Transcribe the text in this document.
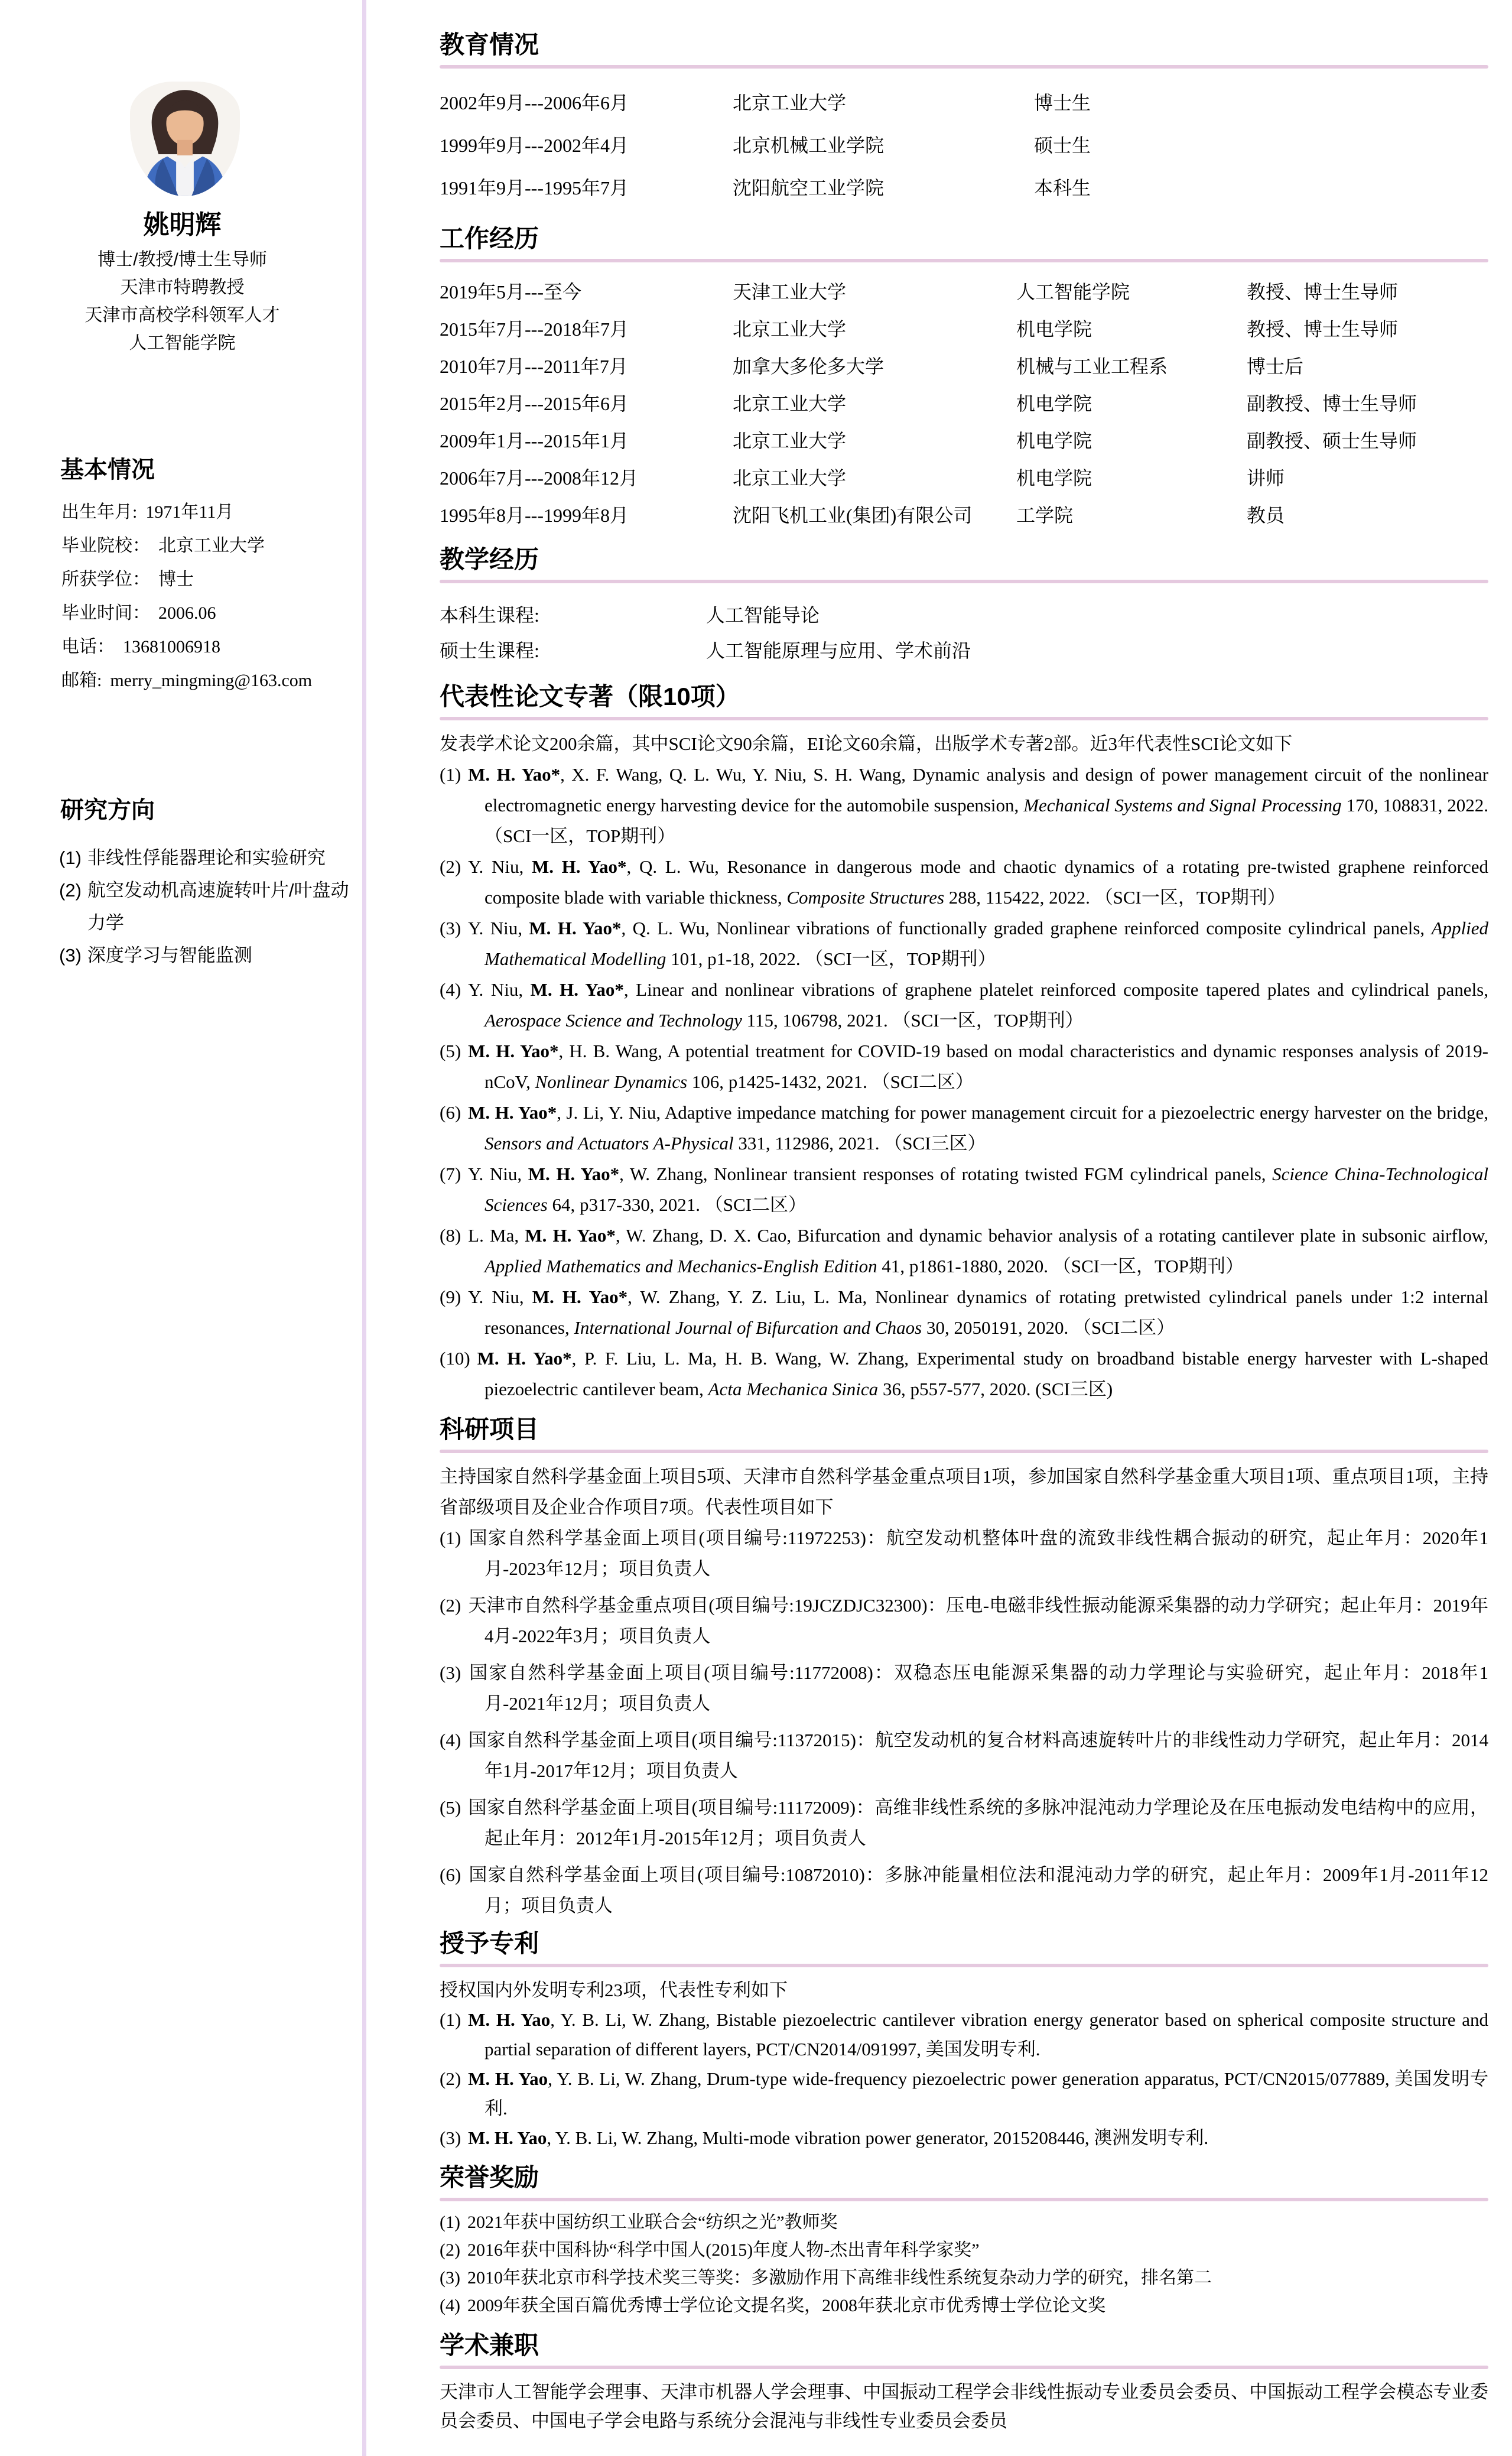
姚明辉
博士/教授/博士生导师
天津市特聘教授
天津市高校学科领军人才
人工智能学院
基本情况
出生年月: 1971年11月
毕业院校： 北京工业大学
所获学位： 博士
毕业时间： 2006.06
电话： 13681006918
邮箱: merry_mingming@163.com
研究方向
(1) 非线性俘能器理论和实验研究
(2) 航空发动机高速旋转叶片/叶盘动力学
(3) 深度学习与智能监测
教育情况
2002年9月---2006年6月	北京工业大学	博士生
1999年9月---2002年4月	北京机械工业学院	硕士生
1991年9月---1995年7月	沈阳航空工业学院	本科生
工作经历
2019年5月---至今	天津工业大学	人工智能学院	教授、博士生导师
2015年7月---2018年7月	北京工业大学	机电学院	教授、博士生导师
2010年7月---2011年7月	加拿大多伦多大学	机械与工业工程系	博士后
2015年2月---2015年6月	北京工业大学	机电学院	副教授、博士生导师
2009年1月---2015年1月	北京工业大学	机电学院	副教授、硕士生导师
2006年7月---2008年12月	北京工业大学	机电学院	讲师
1995年8月---1999年8月	沈阳飞机工业(集团)有限公司	工学院	教员
教学经历
本科生课程:	人工智能导论
硕士生课程:	人工智能原理与应用、学术前沿
代表性论文专著（限10项）
发表学术论文200余篇，其中SCI论文90余篇，EI论文60余篇，出版学术专著2部。近3年代表性SCI论文如下
(1) M. H. Yao*, X. F. Wang, Q. L. Wu, Y. Niu, S. H. Wang, Dynamic analysis and design of power management circuit of the nonlinear electromagnetic energy harvesting device for the automobile suspension, Mechanical Systems and Signal Processing 170, 108831, 2022. （SCI一区，TOP期刊）
(2) Y. Niu, M. H. Yao*, Q. L. Wu, Resonance in dangerous mode and chaotic dynamics of a rotating pre-twisted graphene reinforced composite blade with variable thickness, Composite Structures 288, 115422, 2022. （SCI一区，TOP期刊）
(3) Y. Niu, M. H. Yao*, Q. L. Wu, Nonlinear vibrations of functionally graded graphene reinforced composite cylindrical panels, Applied Mathematical Modelling 101, p1-18, 2022. （SCI一区，TOP期刊）
(4) Y. Niu, M. H. Yao*, Linear and nonlinear vibrations of graphene platelet reinforced composite tapered plates and cylindrical panels, Aerospace Science and Technology 115, 106798, 2021. （SCI一区，TOP期刊）
(5) M. H. Yao*, H. B. Wang, A potential treatment for COVID-19 based on modal characteristics and dynamic responses analysis of 2019-nCoV, Nonlinear Dynamics 106, p1425-1432, 2021. （SCI二区）
(6) M. H. Yao*, J. Li, Y. Niu, Adaptive impedance matching for power management circuit for a piezoelectric energy harvester on the bridge, Sensors and Actuators A-Physical 331, 112986, 2021. （SCI三区）
(7) Y. Niu, M. H. Yao*, W. Zhang, Nonlinear transient responses of rotating twisted FGM cylindrical panels, Science China-Technological Sciences 64, p317-330, 2021. （SCI二区）
(8) L. Ma, M. H. Yao*, W. Zhang, D. X. Cao, Bifurcation and dynamic behavior analysis of a rotating cantilever plate in subsonic airflow, Applied Mathematics and Mechanics-English Edition 41, p1861-1880, 2020. （SCI一区，TOP期刊）
(9) Y. Niu, M. H. Yao*, W. Zhang, Y. Z. Liu, L. Ma, Nonlinear dynamics of rotating pretwisted cylindrical panels under 1:2 internal resonances, International Journal of Bifurcation and Chaos 30, 2050191, 2020. （SCI二区）
(10) M. H. Yao*, P. F. Liu, L. Ma, H. B. Wang, W. Zhang, Experimental study on broadband bistable energy harvester with L-shaped piezoelectric cantilever beam, Acta Mechanica Sinica 36, p557-577, 2020. (SCI三区)
科研项目
主持国家自然科学基金面上项目5项、天津市自然科学基金重点项目1项，参加国家自然科学基金重大项目1项、重点项目1项，主持省部级项目及企业合作项目7项。代表性项目如下
(1) 国家自然科学基金面上项目(项目编号:11972253)：航空发动机整体叶盘的流致非线性耦合振动的研究，起止年月：2020年1月-2023年12月；项目负责人
(2) 天津市自然科学基金重点项目(项目编号:19JCZDJC32300)：压电-电磁非线性振动能源采集器的动力学研究；起止年月：2019年4月-2022年3月；项目负责人
(3) 国家自然科学基金面上项目(项目编号:11772008)：双稳态压电能源采集器的动力学理论与实验研究，起止年月：2018年1月-2021年12月；项目负责人
(4) 国家自然科学基金面上项目(项目编号:11372015)：航空发动机的复合材料高速旋转叶片的非线性动力学研究，起止年月：2014年1月-2017年12月；项目负责人
(5) 国家自然科学基金面上项目(项目编号:11172009)：高维非线性系统的多脉冲混沌动力学理论及在压电振动发电结构中的应用，起止年月：2012年1月-2015年12月；项目负责人
(6) 国家自然科学基金面上项目(项目编号:10872010)：多脉冲能量相位法和混沌动力学的研究，起止年月：2009年1月-2011年12月；项目负责人
授予专利
授权国内外发明专利23项，代表性专利如下
(1) M. H. Yao, Y. B. Li, W. Zhang, Bistable piezoelectric cantilever vibration energy generator based on spherical composite structure and partial separation of different layers, PCT/CN2014/091997, 美国发明专利.
(2) M. H. Yao, Y. B. Li, W. Zhang, Drum-type wide-frequency piezoelectric power generation apparatus, PCT/CN2015/077889, 美国发明专利.
(3) M. H. Yao, Y. B. Li, W. Zhang, Multi-mode vibration power generator, 2015208446, 澳洲发明专利.
荣誉奖励
(1) 2021年获中国纺织工业联合会“纺织之光”教师奖
(2) 2016年获中国科协“科学中国人(2015)年度人物-杰出青年科学家奖”
(3) 2010年获北京市科学技术奖三等奖：多激励作用下高维非线性系统复杂动力学的研究，排名第二
(4) 2009年获全国百篇优秀博士学位论文提名奖，2008年获北京市优秀博士学位论文奖
学术兼职
天津市人工智能学会理事、天津市机器人学会理事、中国振动工程学会非线性振动专业委员会委员、中国振动工程学会模态专业委员会委员、中国电子学会电路与系统分会混沌与非线性专业委员会委员
